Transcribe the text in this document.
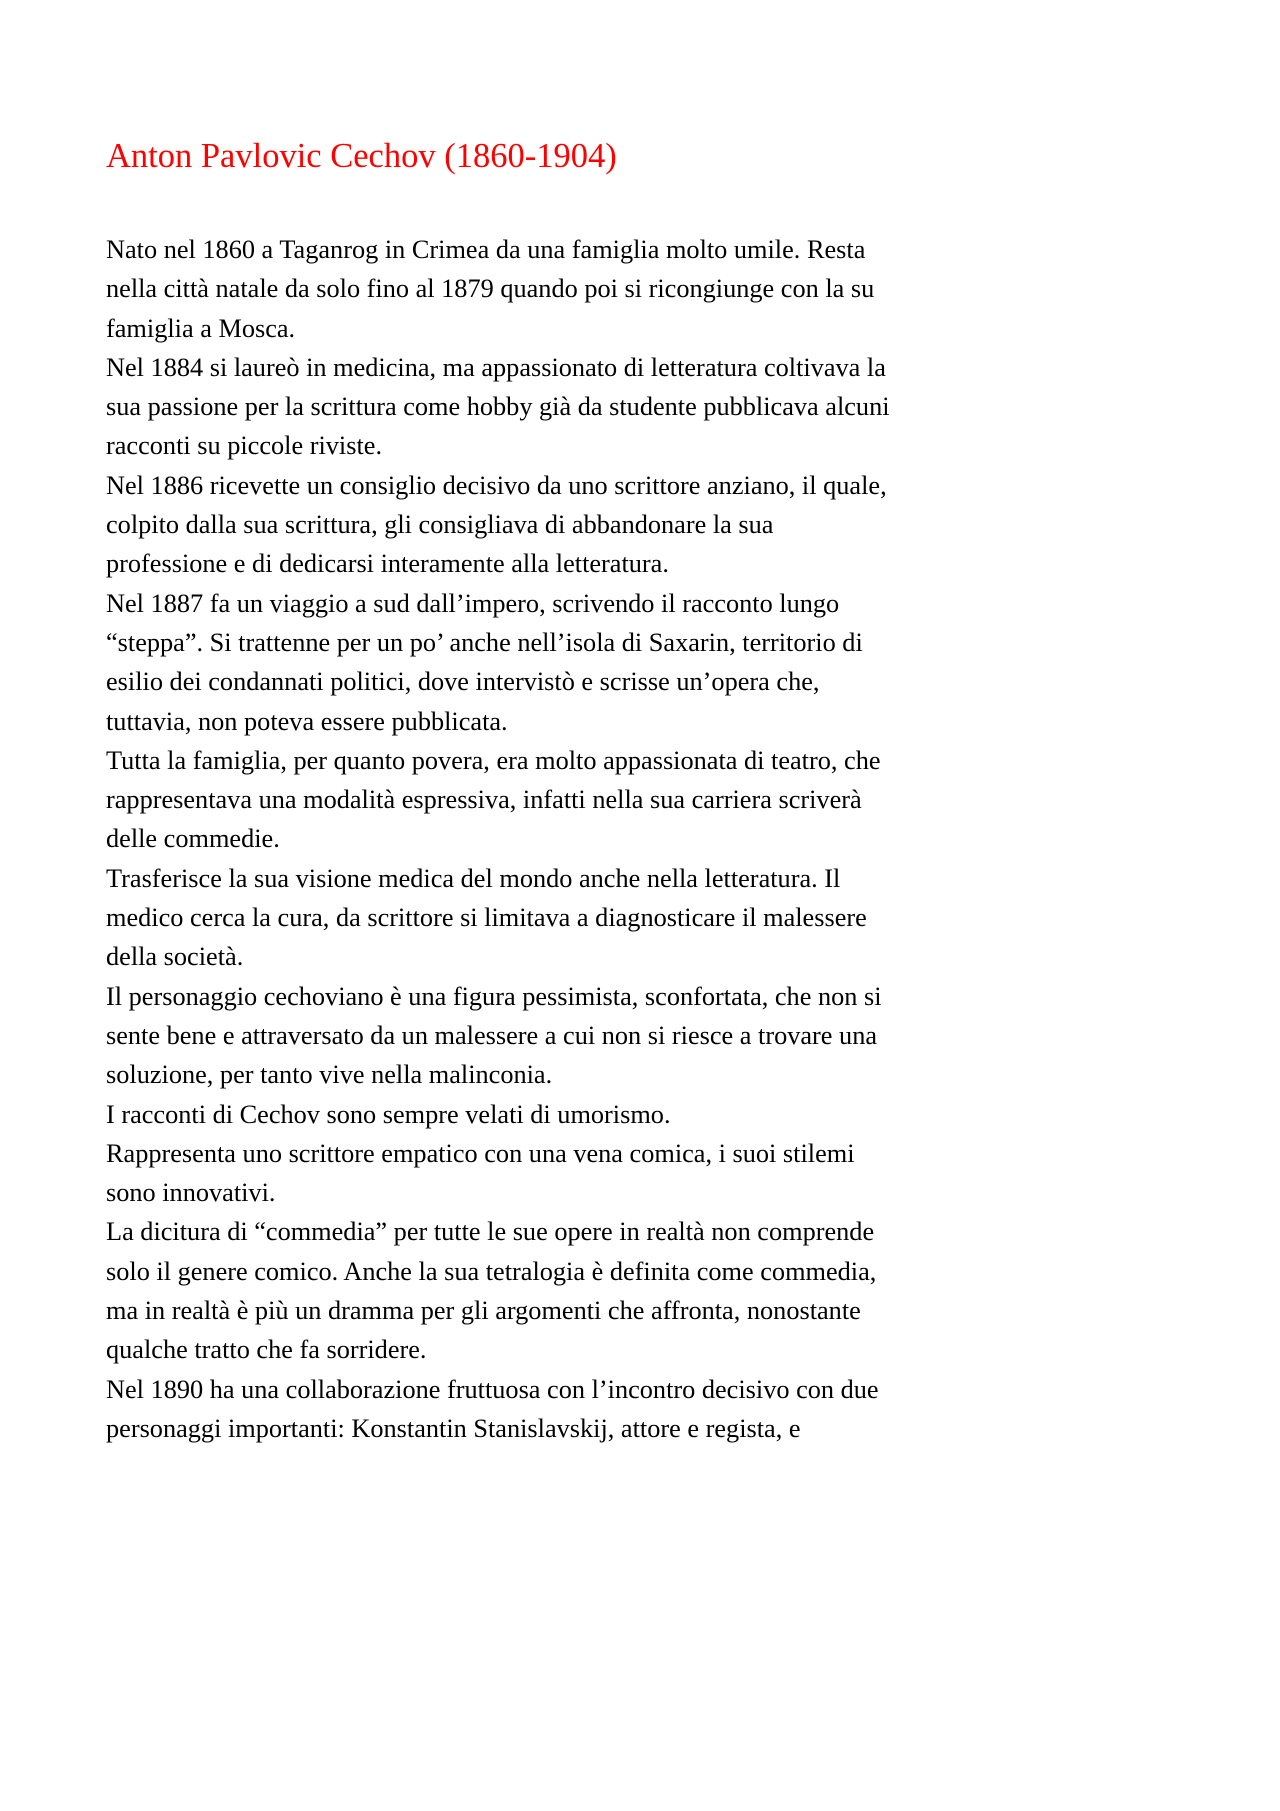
Anton Pavlovic Cechov (1860-1904)
Nato nel 1860 a Taganrog in Crimea da una famiglia molto umile. Resta
nella città natale da solo fino al 1879 quando poi si ricongiunge con la su
famiglia a Mosca.
Nel 1884 si laureò in medicina, ma appassionato di letteratura coltivava la
sua passione per la scrittura come hobby già da studente pubblicava alcuni
racconti su piccole riviste.
Nel 1886 ricevette un consiglio decisivo da uno scrittore anziano, il quale,
colpito dalla sua scrittura, gli consigliava di abbandonare la sua
professione e di dedicarsi interamente alla letteratura.
Nel 1887 fa un viaggio a sud dall’impero, scrivendo il racconto lungo
“steppa”. Si trattenne per un po’ anche nell’isola di Saxarin, territorio di
esilio dei condannati politici, dove intervistò e scrisse un’opera che,
tuttavia, non poteva essere pubblicata.
Tutta la famiglia, per quanto povera, era molto appassionata di teatro, che
rappresentava una modalità espressiva, infatti nella sua carriera scriverà
delle commedie.
Trasferisce la sua visione medica del mondo anche nella letteratura. Il
medico cerca la cura, da scrittore si limitava a diagnosticare il malessere
della società.
Il personaggio cechoviano è una figura pessimista, sconfortata, che non si
sente bene e attraversato da un malessere a cui non si riesce a trovare una
soluzione, per tanto vive nella malinconia.
I racconti di Cechov sono sempre velati di umorismo.
Rappresenta uno scrittore empatico con una vena comica, i suoi stilemi
sono innovativi.
La dicitura di “commedia” per tutte le sue opere in realtà non comprende
solo il genere comico. Anche la sua tetralogia è definita come commedia,
ma in realtà è più un dramma per gli argomenti che affronta, nonostante
qualche tratto che fa sorridere.
Nel 1890 ha una collaborazione fruttuosa con l’incontro decisivo con due
personaggi importanti: Konstantin Stanislavskij, attore e regista, e
